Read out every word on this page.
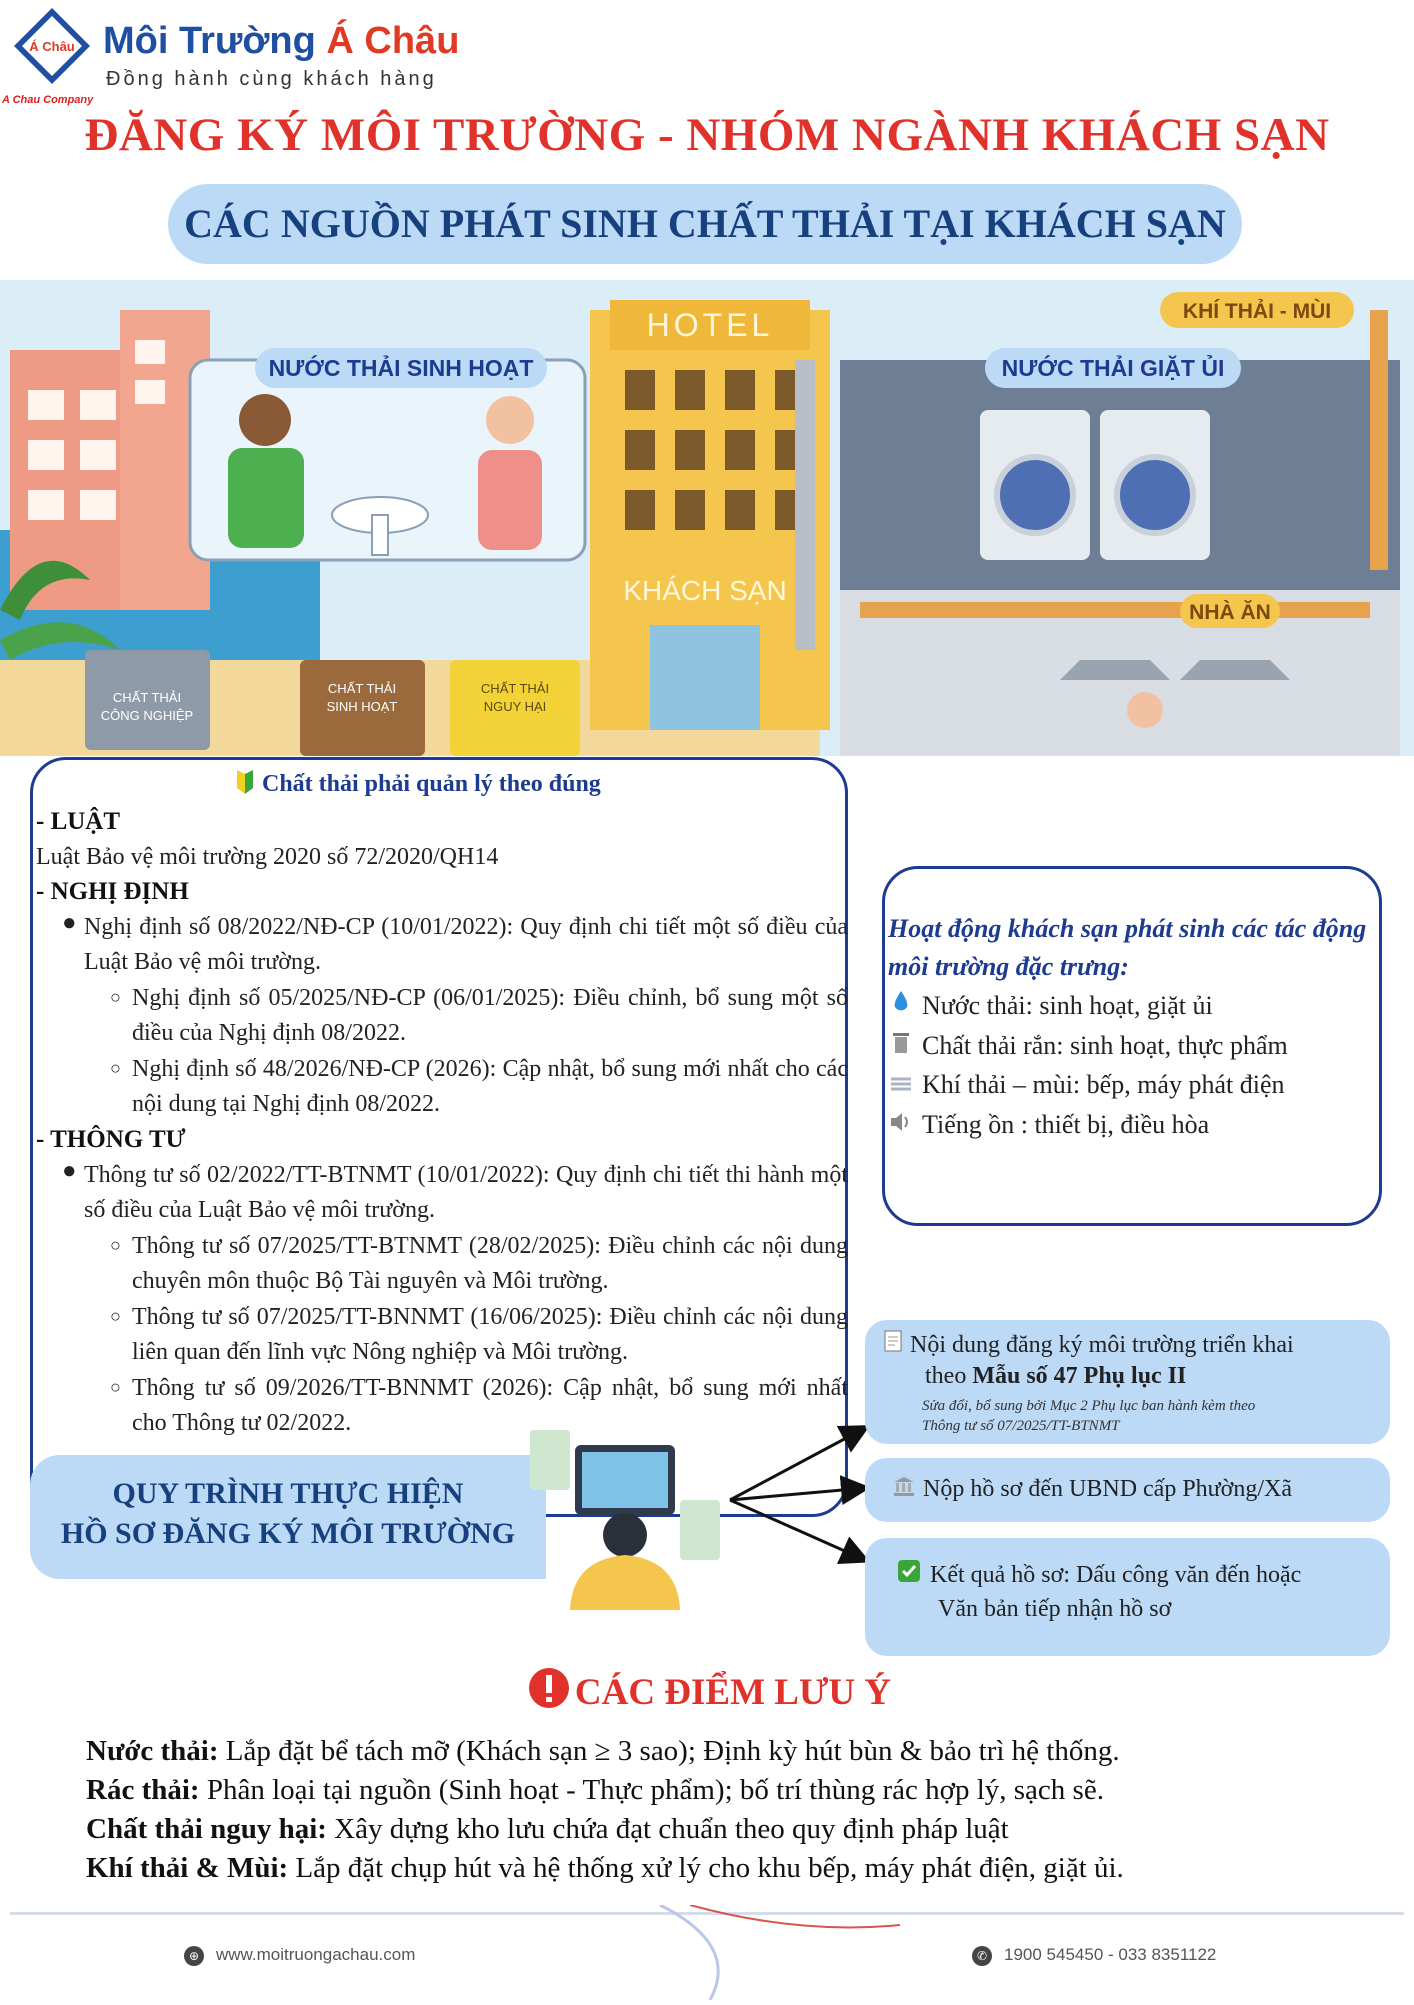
Á Châu Môi Trường Á Châu
Đồng hành cùng khách hàng
A Chau Company
ĐĂNG KÝ MÔI TRƯỜNG - NHÓM NGÀNH KHÁCH SẠN
CÁC NGUỒN PHÁT SINH CHẤT THẢI TẠI KHÁCH SẠN
HOTEL
KHÁCH SẠN
NƯỚC THẢI SINH HOẠT	NƯỚC THẢI GIẶT ỦI
KHÍ THẢI - MÙI
NHÀ ĂN
CHẤT THẢI
CÔNG NGHIỆP
CHẤT THẢI
SINH HOẠT
CHẤT THẢI
NGUY HẠI
Chất thải phải quản lý theo đúng
- LUẬT
Luật Bảo vệ môi trường 2020 số 72/2020/QH14
- NGHỊ ĐỊNH
● Nghị định số 08/2022/NĐ-CP (10/01/2022): Quy định chi tiết một số điều của Luật Bảo vệ môi trường.
○ Nghị định số 05/2025/NĐ-CP (06/01/2025): Điều chỉnh, bổ sung một số điều của Nghị định 08/2022.
○ Nghị định số 48/2026/NĐ-CP (2026): Cập nhật, bổ sung mới nhất cho các nội dung tại Nghị định 08/2022.
- THÔNG TƯ
● Thông tư số 02/2022/TT-BTNMT (10/01/2022): Quy định chi tiết thi hành một số điều của Luật Bảo vệ môi trường.
○ Thông tư số 07/2025/TT-BTNMT (28/02/2025): Điều chỉnh các nội dung chuyên môn thuộc Bộ Tài nguyên và Môi trường.
○ Thông tư số 07/2025/TT-BNNMT (16/06/2025): Điều chỉnh các nội dung liên quan đến lĩnh vực Nông nghiệp và Môi trường.
○ Thông tư số 09/2026/TT-BNNMT (2026): Cập nhật, bổ sung mới nhất cho Thông tư 02/2022.
Hoạt động khách sạn phát sinh các tác động môi trường đặc trưng:
Nước thải: sinh hoạt, giặt ủi
Chất thải rắn: sinh hoạt, thực phẩm
Khí thải – mùi: bếp, máy phát điện
Tiếng ồn : thiết bị, điều hòa
QUY TRÌNH THỰC HIỆN
HỒ SƠ ĐĂNG KÝ MÔI TRƯỜNG
Nội dung đăng ký môi trường triển khai
theo Mẫu số 47 Phụ lục II
Sửa đổi, bổ sung bởi Mục 2 Phụ lục ban hành kèm theo
Thông tư số 07/2025/TT-BTNMT
Nộp hồ sơ đến UBND cấp Phường/Xã
Kết quả hồ sơ: Dấu công văn đến hoặc
Văn bản tiếp nhận hồ sơ
CÁC ĐIỂM LƯU Ý
Nước thải: Lắp đặt bể tách mỡ (Khách sạn ≥ 3 sao); Định kỳ hút bùn & bảo trì hệ thống.
Rác thải: Phân loại tại nguồn (Sinh hoạt - Thực phẩm); bố trí thùng rác hợp lý, sạch sẽ.
Chất thải nguy hại: Xây dựng kho lưu chứa đạt chuẩn theo quy định pháp luật
Khí thải & Mùi: Lắp đặt chụp hút và hệ thống xử lý cho khu bếp, máy phát điện, giặt ủi.
⊕ www.moitruongachau.com	✆ 1900 545450 - 033 8351122
